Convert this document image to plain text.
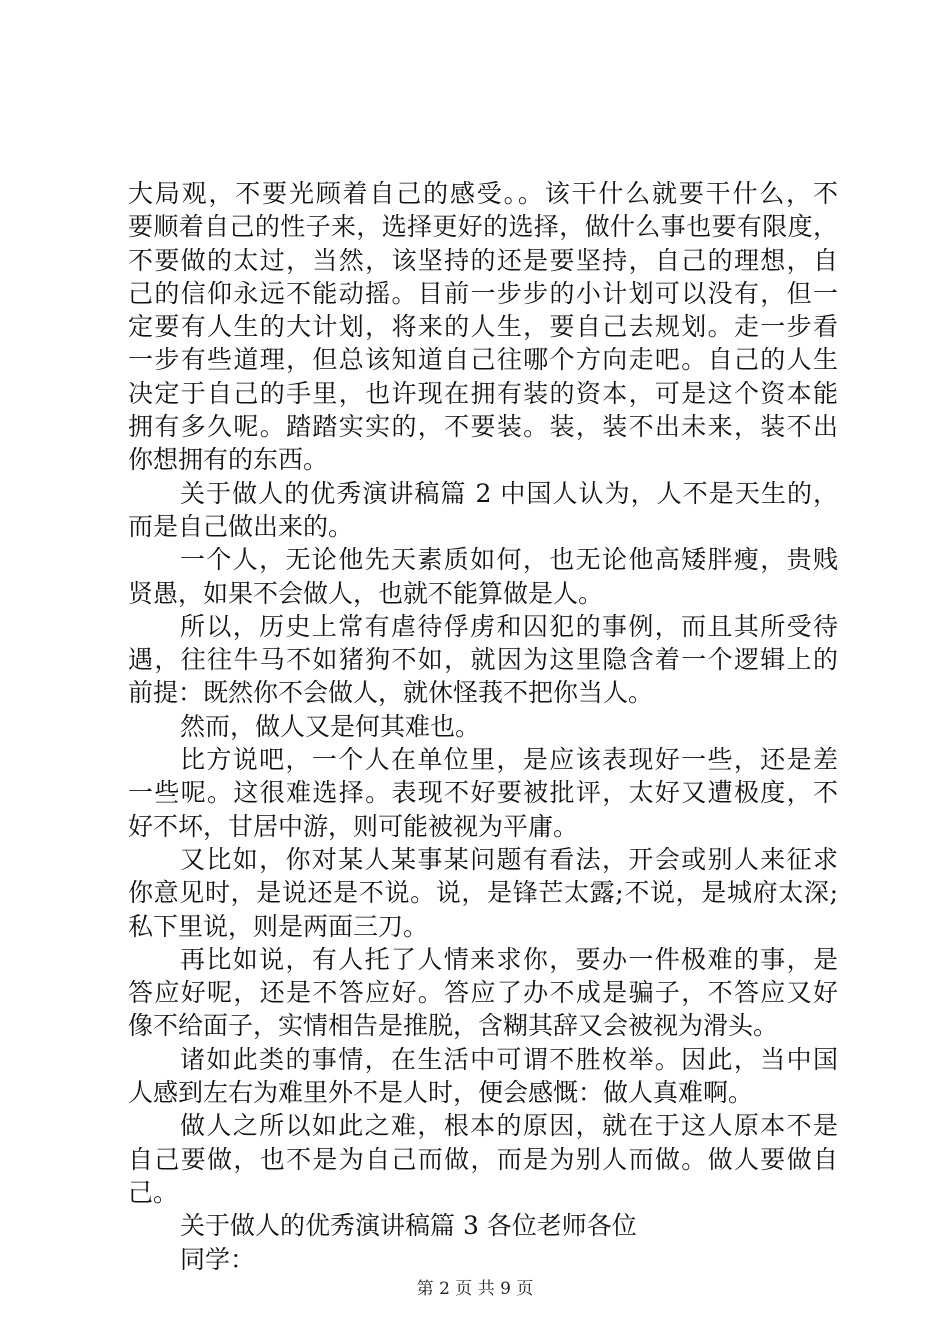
大局观，不要光顾着自己的感受。。该干什么就要干什么，不
要顺着自己的性子来，选择更好的选择，做什么事也要有限度，
不要做的太过，当然，该坚持的还是要坚持，自己的理想，自
己的信仰永远不能动摇。目前一步步的小计划可以没有，但一
定要有人生的大计划，将来的人生，要自己去规划。走一步看
一步有些道理，但总该知道自己往哪个方向走吧。自己的人生
决定于自己的手里，也许现在拥有装的资本，可是这个资本能
拥有多久呢。踏踏实实的，不要装。装，装不出未来，装不出
你想拥有的东西。
关于做人的优秀演讲稿篇 2 中国人认为，人不是天生的，
而是自己做出来的。
一个人，无论他先天素质如何，也无论他高矮胖瘦，贵贱
贤愚，如果不会做人，也就不能算做是人。
所以，历史上常有虐待俘虏和囚犯的事例，而且其所受待
遇，往往牛马不如猪狗不如，就因为这里隐含着一个逻辑上的
前提：既然你不会做人，就休怪莪不把你当人。
然而，做人又是何其难也。
比方说吧，一个人在单位里，是应该表现好一些，还是差
一些呢。这很难选择。表现不好要被批评，太好又遭极度，不
好不坏，甘居中游，则可能被视为平庸。
又比如，你对某人某事某问题有看法，开会或别人来征求
你意见时，是说还是不说。说，是锋芒太露;不说，是城府太深;
私下里说，则是两面三刀。
再比如说，有人托了人情来求你，要办一件极难的事，是
答应好呢，还是不答应好。答应了办不成是骗子，不答应又好
像不给面子，实情相告是推脱，含糊其辞又会被视为滑头。
诸如此类的事情，在生活中可谓不胜枚举。因此，当中国
人感到左右为难里外不是人时，便会感慨：做人真难啊。
做人之所以如此之难，根本的原因，就在于这人原本不是
自己要做，也不是为自己而做，而是为别人而做。做人要做自
己。
关于做人的优秀演讲稿篇 3 各位老师各位
同学：
第 2 页 共 9 页
